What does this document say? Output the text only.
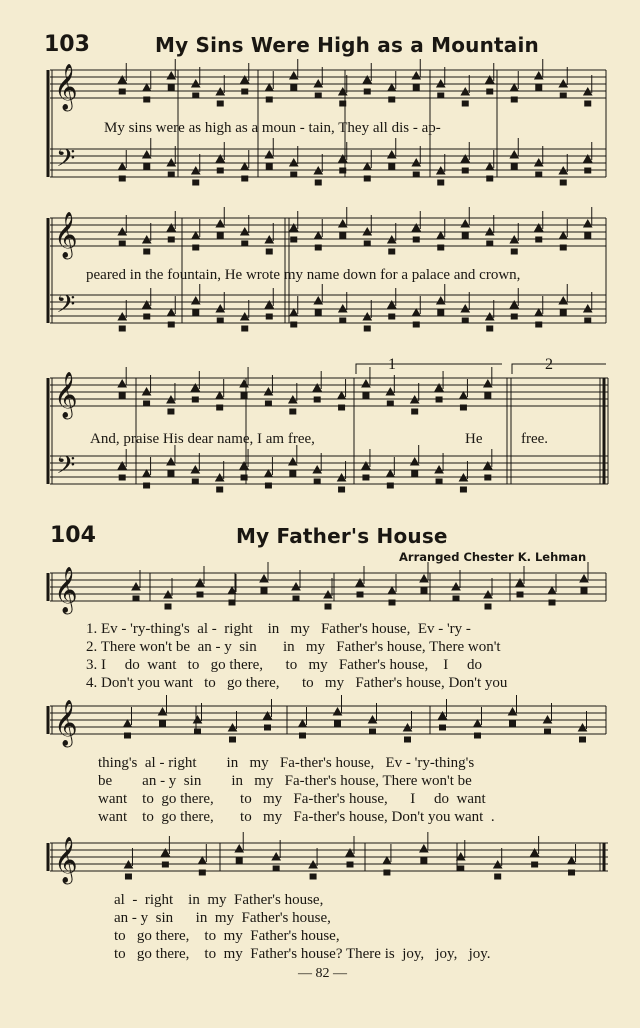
103	My Sins Were High as a Mountain
𝄞
𝄢
𝄞
𝄢
𝄞
𝄢
𝄞
𝄞
𝄞
My sins were as high as a moun - tain, They all dis - ap-
peared in the fountain, He wrote my name down for a palace and crown,
And, praise His dear name, I am free,	He	free.
1	2
104	My Father's House
Arranged Chester K. Lehman
1. Ev - 'ry-thing's  al -  right    in   my   Father's house,  Ev - 'ry -
2. There won't be  an - y  sin       in   my   Father's house, There won't
3. I     do  want   to   go there,      to   my   Father's house,    I     do
4. Don't you want   to   go there,      to   my   Father's house, Don't you
thing's  al - right        in   my   Fa-ther's house,   Ev - 'ry-thing's
be        an - y  sin        in   my   Fa-ther's house, There won't be
want    to  go there,       to   my   Fa-ther's house,      I     do  want
want    to  go there,       to   my   Fa-ther's house, Don't you want  .
al  -  right    in  my  Father's house,
an - y  sin      in  my  Father's house,
to   go there,    to  my  Father's house,
to   go there,    to  my  Father's house? There is  joy,   joy,   joy.
— 82 —
